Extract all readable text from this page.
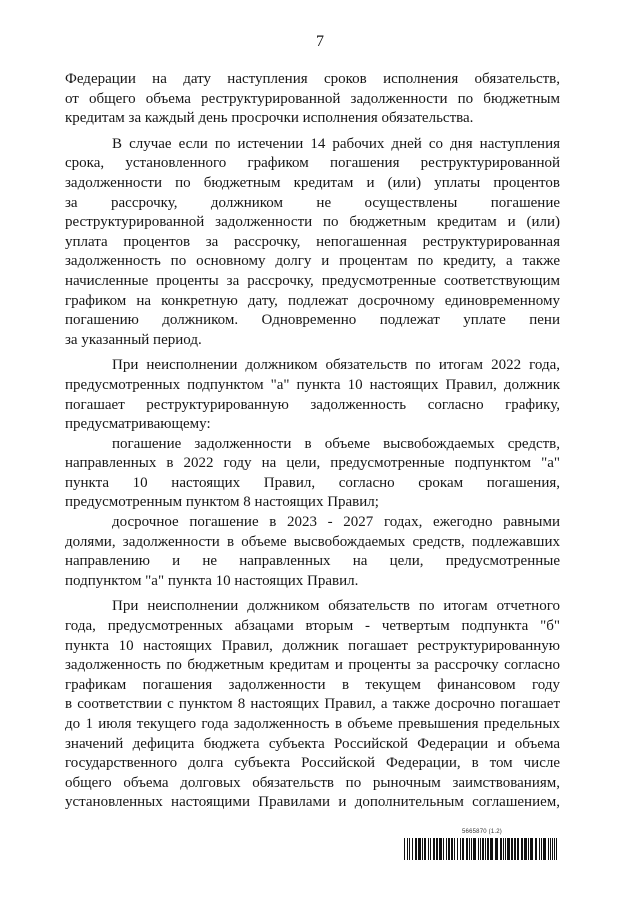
7
Федерации на дату наступления сроков исполнения обязательств,
от общего объема реструктурированной задолженности по бюджетным
кредитам за каждый день просрочки исполнения обязательства.
В случае если по истечении 14 рабочих дней со дня наступления
срока, установленного графиком погашения реструктурированной
задолженности по бюджетным кредитам и (или) уплаты процентов
за рассрочку, должником не осуществлены погашение
реструктурированной задолженности по бюджетным кредитам и (или)
уплата процентов за рассрочку, непогашенная реструктурированная
задолженность по основному долгу и процентам по кредиту, а также
начисленные проценты за рассрочку, предусмотренные соответствующим
графиком на конкретную дату, подлежат досрочному единовременному
погашению должником. Одновременно подлежат уплате пени
за указанный период.
При неисполнении должником обязательств по итогам 2022 года,
предусмотренных подпунктом "а" пункта 10 настоящих Правил, должник
погашает реструктурированную задолженность согласно графику,
предусматривающему:
погашение задолженности в объеме высвобождаемых средств,
направленных в 2022 году на цели, предусмотренные подпунктом "а"
пункта 10 настоящих Правил, согласно срокам погашения,
предусмотренным пунктом 8 настоящих Правил;
досрочное погашение в 2023 - 2027 годах, ежегодно равными
долями, задолженности в объеме высвобождаемых средств, подлежавших
направлению и не направленных на цели, предусмотренные
подпунктом "а" пункта 10 настоящих Правил.
При неисполнении должником обязательств по итогам отчетного
года, предусмотренных абзацами вторым - четвертым подпункта "б"
пункта 10 настоящих Правил, должник погашает реструктурированную
задолженность по бюджетным кредитам и проценты за рассрочку согласно
графикам погашения задолженности в текущем финансовом году
в соответствии с пунктом 8 настоящих Правил, а также досрочно погашает
до 1 июля текущего года задолженность в объеме превышения предельных
значений дефицита бюджета субъекта Российской Федерации и объема
государственного долга субъекта Российской Федерации, в том числе
общего объема долговых обязательств по рыночным заимствованиям,
установленных настоящими Правилами и дополнительным соглашением,
5665870 (1.2)
